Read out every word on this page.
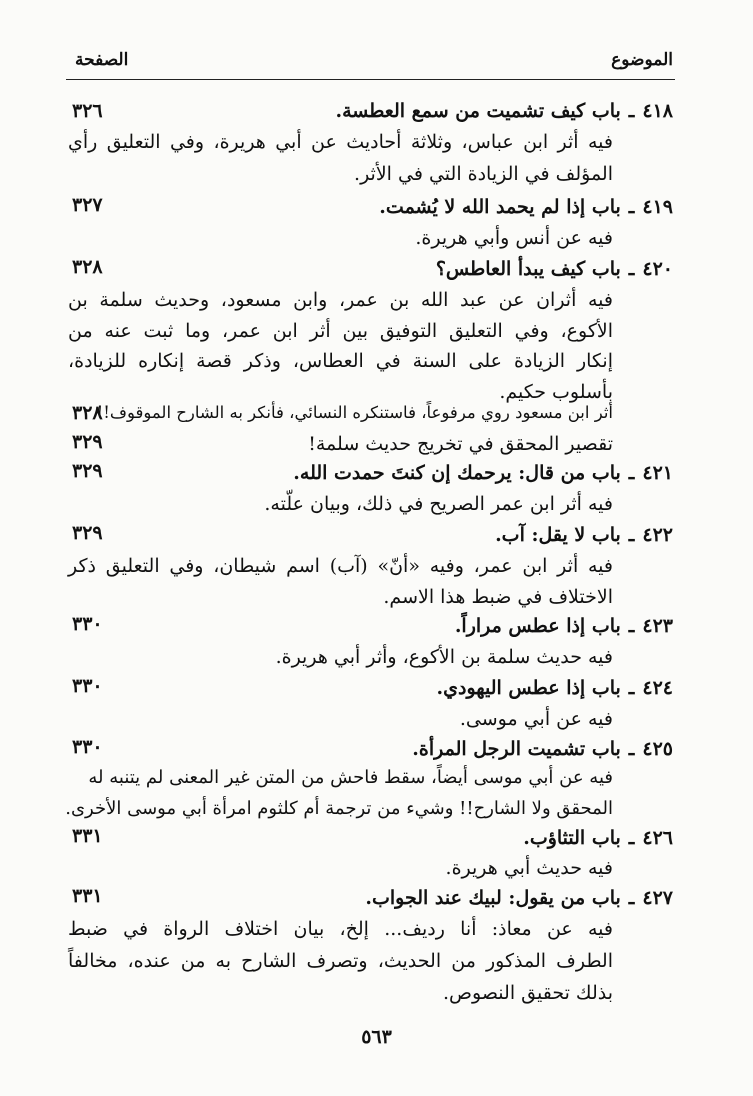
الموضوع
الصفحة
٤١٨ـباب كيف تشميت من سمع العطسة.
٣٢٦
فيه أثر ابن عباس، وثلاثة أحاديث عن أبي هريرة، وفي التعليق رأي
المؤلف في الزيادة التي في الأثر.
٤١٩ـباب إذا لم يحمد الله لا يُشمت.
٣٢٧
فيه عن أنس وأبي هريرة.
٤٢٠ـباب كيف يبدأ العاطس؟
٣٢٨
فيه أثران عن عبد الله بن عمر، وابن مسعود، وحديث سلمة بن
الأكوع، وفي التعليق التوفيق بين أثر ابن عمر، وما ثبت عنه من
إنكار الزيادة على السنة في العطاس، وذكر قصة إنكاره للزيادة،
بأسلوب حكيم.
أثر ابن مسعود روي مرفوعاً، فاستنكره النسائي، فأنكر به الشارح الموقوف!!
٣٢٨
تقصير المحقق في تخريج حديث سلمة!
٣٢٩
٤٢١ـباب من قال: يرحمك إن كنتَ حمدت الله.
٣٢٩
فيه أثر ابن عمر الصريح في ذلك، وبيان علّته.
٤٢٢ـباب لا يقل: آب.
٣٢٩
فيه أثر ابن عمر، وفيه «أنّ» (آب) اسم شيطان، وفي التعليق ذكر
الاختلاف في ضبط هذا الاسم.
٤٢٣ـباب إذا عطس مراراً.
٣٣٠
فيه حديث سلمة بن الأكوع، وأثر أبي هريرة.
٤٢٤ـباب إذا عطس اليهودي.
٣٣٠
فيه عن أبي موسى.
٤٢٥ـباب تشميت الرجل المرأة.
٣٣٠
فيه عن أبي موسى أيضاً، سقط فاحش من المتن غير المعنى لم يتنبه له
المحقق ولا الشارح!! وشيء من ترجمة أم كلثوم امرأة أبي موسى الأخرى.
٤٢٦ـباب التثاؤب.
٣٣١
فيه حديث أبي هريرة.
٤٢٧ـباب من يقول: لبيك عند الجواب.
٣٣١
فيه عن معاذ: أنا رديف... إلخ، بيان اختلاف الرواة في ضبط
الطرف المذكور من الحديث، وتصرف الشارح به من عنده، مخالفاً
بذلك تحقيق النصوص.
٥٦٣
